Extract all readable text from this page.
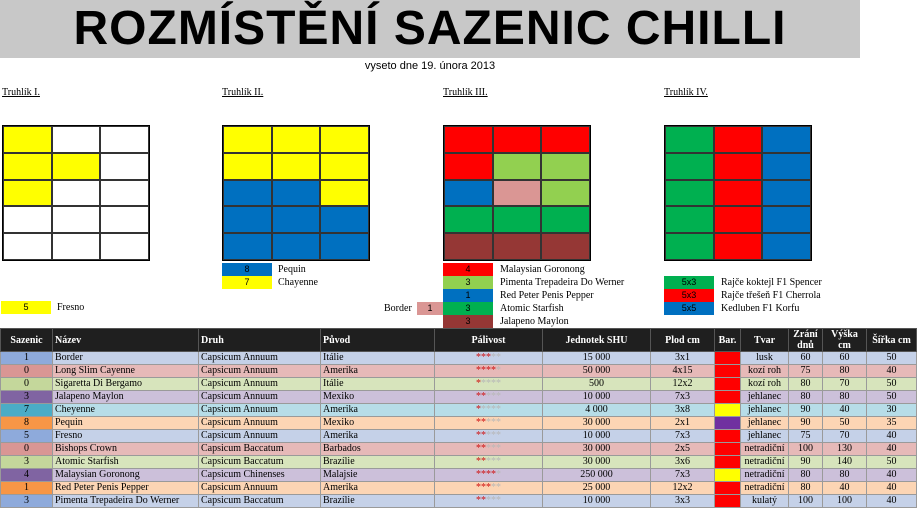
ROZMÍSTĚNÍ SAZENIC CHILLI
vyseto dne 19. února 2013
Truhlík I.	Truhlík II.	Truhlík III.	Truhlík IV.
5	Fresno
8	Pequin
7	Chayenne
4	Malaysian Goronong
3	Pimenta Trepadeira Do Werner
1	Red Peter Penis Pepper
3	Atomic Starfish
3	Jalapeno Maylon
1
Border
5x3	Rajče koktejl F1 Spencer
5x3	Rajče třešeň F1 Cherrola
5x5	Kedluben F1 Korfu
Sazenic	Název	Druh	Původ	Pálivost	Jednotek SHU	Plod cm	Bar.	Tvar	Zrání dnů	Výška cm	Šířka cm
1	Border	Capsicum Annuum	Itálie	*****	15 000	3x1		lusk	60	60	50
0	Long Slim Cayenne	Capsicum Annuum	Amerika	*****	50 000	4x15		kozí roh	75	80	40
0	Sigaretta Di Bergamo	Capsicum Annuum	Itálie	*****	500	12x2		kozí roh	80	70	50
3	Jalapeno Maylon	Capsicum Annuum	Mexiko	*****	10 000	7x3		jehlanec	80	80	50
7	Cheyenne	Capsicum Annuum	Amerika	*****	4 000	3x8		jehlanec	90	40	30
8	Pequin	Capsicum Annuum	Mexiko	*****	30 000	2x1		jehlanec	90	50	35
5	Fresno	Capsicum Annuum	Amerika	*****	10 000	7x3		jehlanec	75	70	40
0	Bishops Crown	Capsicum Baccatum	Barbados	*****	30 000	2x5		netradiční	100	130	40
3	Atomic Starfish	Capsicum Baccatum	Brazílie	*****	30 000	3x6		netradiční	90	140	50
4	Malaysian Goronong	Capsicum Chinenses	Malajsie	*****	250 000	7x3		netradiční	80	80	40
1	Red Peter Penis Pepper	Capsicum Annuum	Amerika	*****	25 000	12x2		netradiční	80	40	40
3	Pimenta Trepadeira Do Werner	Capsicum Baccatum	Brazílie	*****	10 000	3x3		kulatý	100	100	40
